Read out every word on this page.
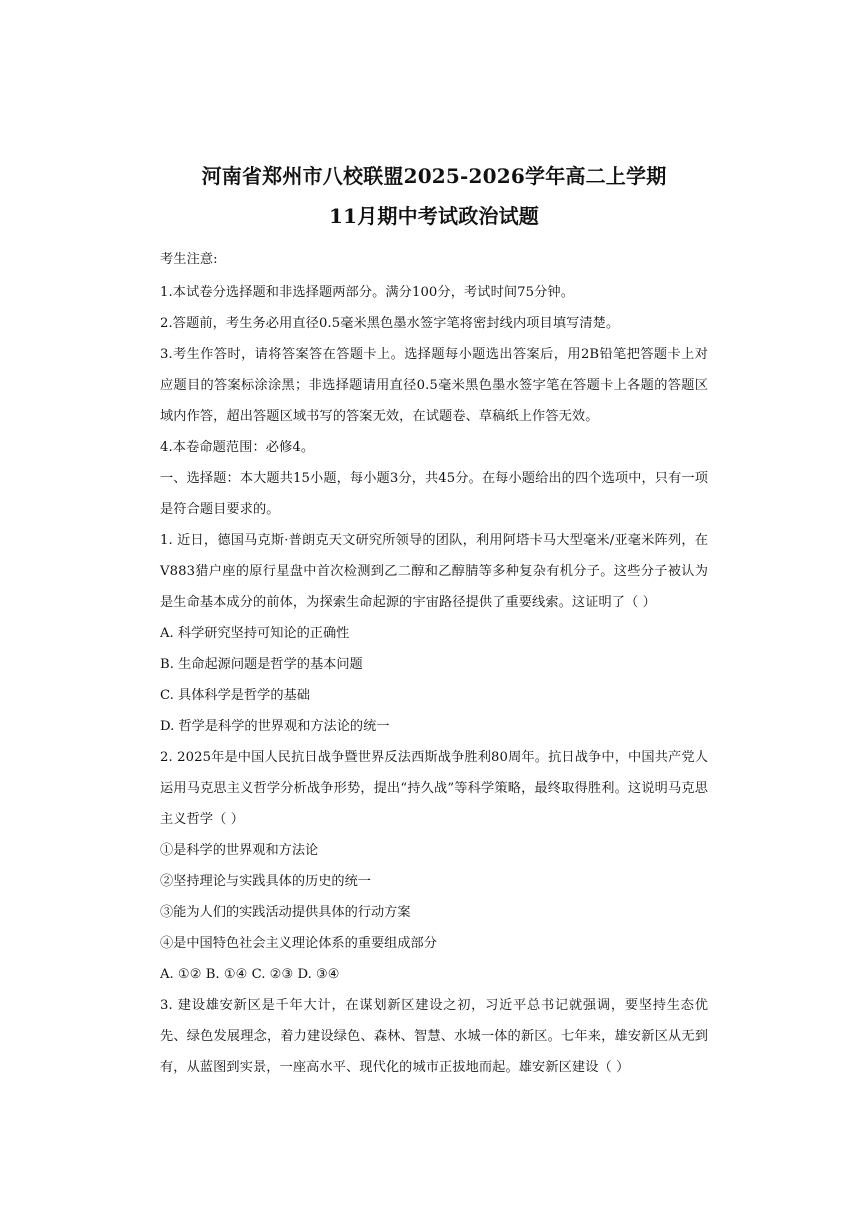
河南省郑州市八校联盟2025-2026学年高二上学期

11月期中考试政治试题

考生注意:

1.本试卷分选择题和非选择题两部分。满分100分，考试时间75分钟。

2.答题前，考生务必用直径0.5毫米黑色墨水签字笔将密封线内项目填写清楚。

3.考生作答时，请将答案答在答题卡上。选择题每小题选出答案后，用2B铅笔把答题卡上对应题目的答案标涂涂黑；非选择题请用直径0.5毫米黑色墨水签字笔在答题卡上各题的答题区域内作答，超出答题区域书写的答案无效，在试题卷、草稿纸上作答无效。

4.本卷命题范围：必修4。

一、选择题：本大题共15小题，每小题3分，共45分。在每小题给出的四个选项中，只有一项是符合题目要求的。

1. 近日，德国马克斯·普朗克天文研究所领导的团队，利用阿塔卡马大型毫米/亚毫米阵列，在V883猎户座的原行星盘中首次检测到乙二醇和乙醇腈等多种复杂有机分子。这些分子被认为是生命基本成分的前体，为探索生命起源的宇宙路径提供了重要线索。这证明了（ ）

A. 科学研究坚持可知论的正确性

B. 生命起源问题是哲学的基本问题

C. 具体科学是哲学的基础

D. 哲学是科学的世界观和方法论的统一

2. 2025年是中国人民抗日战争暨世界反法西斯战争胜利80周年。抗日战争中，中国共产党人运用马克思主义哲学分析战争形势，提出“持久战”等科学策略，最终取得胜利。这说明马克思主义哲学（ ）

①是科学的世界观和方法论

②坚持理论与实践具体的历史的统一

③能为人们的实践活动提供具体的行动方案

④是中国特色社会主义理论体系的重要组成部分

A. ①② B. ①④ C. ②③ D. ③④

3. 建设雄安新区是千年大计，在谋划新区建设之初，习近平总书记就强调，要坚持生态优先、绿色发展理念，着力建设绿色、森林、智慧、水城一体的新区。七年来，雄安新区从无到有，从蓝图到实景，一座高水平、现代化的城市正拔地而起。雄安新区建设（ ）
